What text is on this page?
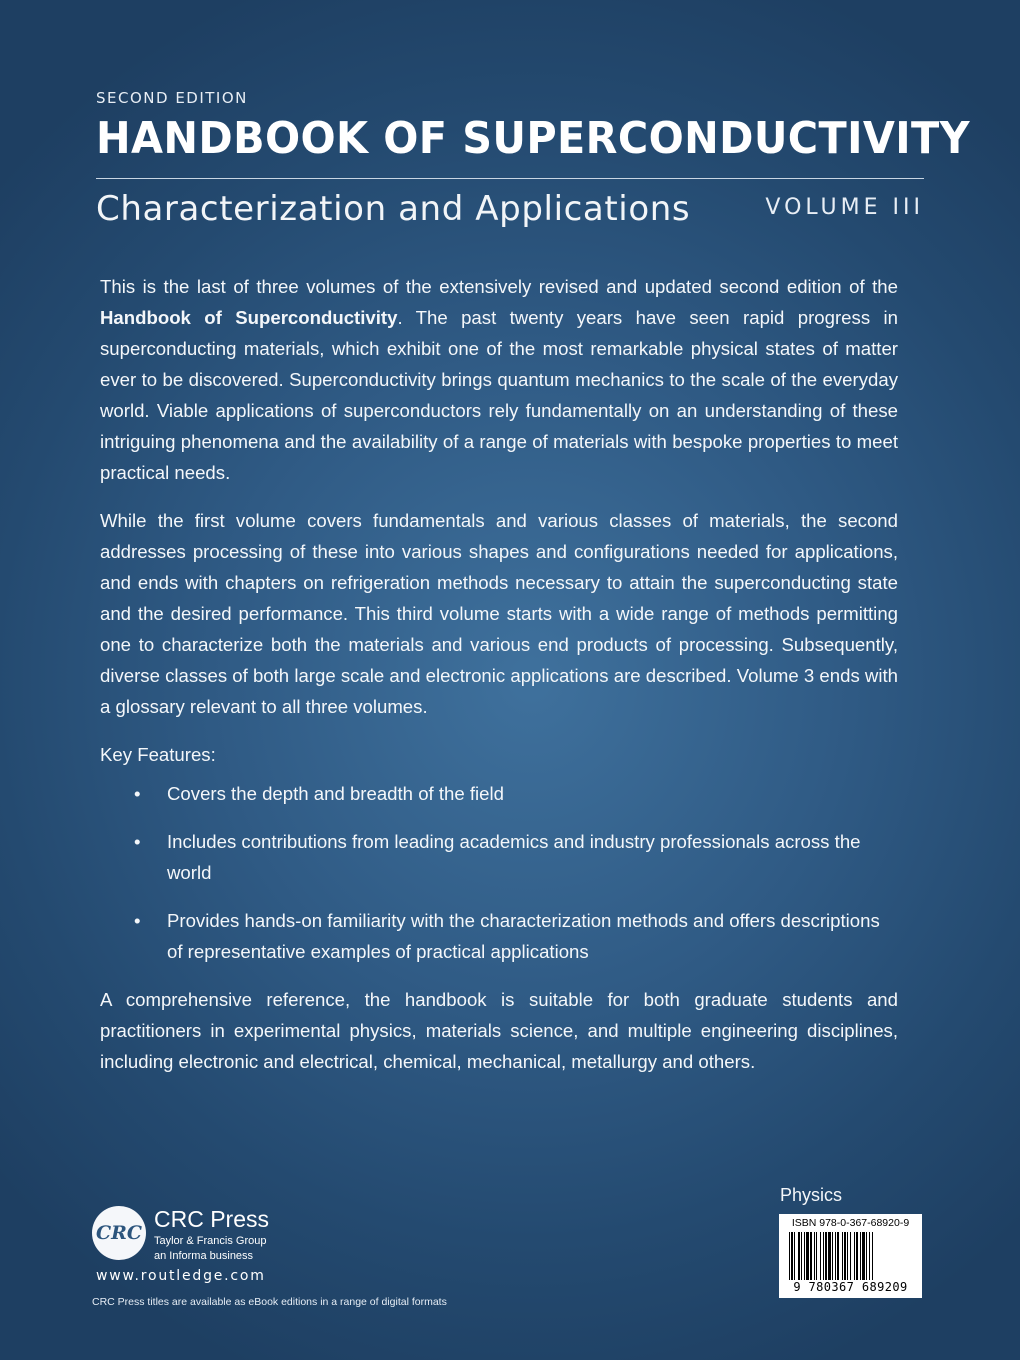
SECOND EDITION

HANDBOOK OF SUPERCONDUCTIVITY
Characterization and Applications	VOLUME III

This is the last of three volumes of the extensively revised and updated second edition of the Handbook of Superconductivity. The past twenty years have seen rapid progress in superconducting materials, which exhibit one of the most remarkable physical states of matter ever to be discovered. Superconductivity brings quantum mechanics to the scale of the everyday world. Viable applications of superconductors rely fundamentally on an understanding of these intriguing phenomena and the availability of a range of materials with bespoke properties to meet practical needs.

While the first volume covers fundamentals and various classes of materials, the second addresses processing of these into various shapes and configurations needed for applications, and ends with chapters on refrigeration methods necessary to attain the superconducting state and the desired performance. This third volume starts with a wide range of methods permitting one to characterize both the materials and various end products of processing. Subsequently, diverse classes of both large scale and electronic applications are described. Volume 3 ends with a glossary relevant to all three volumes.

Key Features:

• Covers the depth and breadth of the field
• Includes contributions from leading academics and industry professionals across the world
• Provides hands-on familiarity with the characterization methods and offers descriptions of representative examples of practical applications

A comprehensive reference, the handbook is suitable for both graduate students and practitioners in experimental physics, materials science, and multiple engineering disciplines, including electronic and electrical, chemical, mechanical, metallurgy and others.

CRC
CRC Press
Taylor & Francis Group
an Informa business
www.routledge.com
CRC Press titles are available as eBook editions in a range of digital formats
Physics
ISBN 978-0-367-68920-9
9 780367 689209
